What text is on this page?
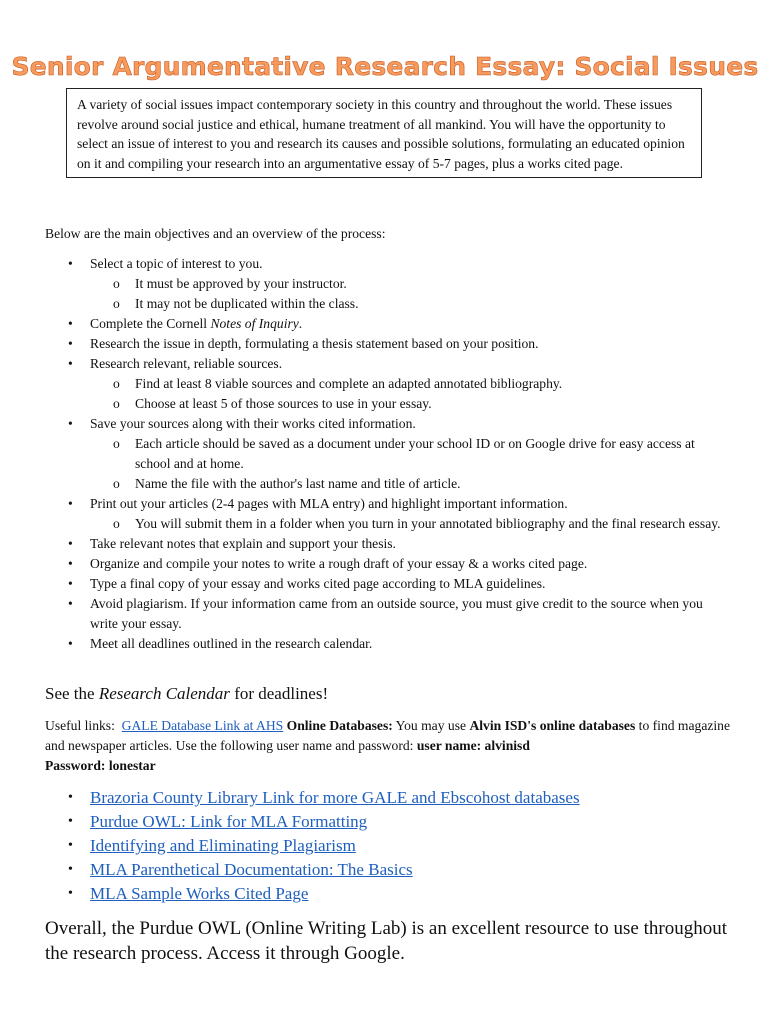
Senior Argumentative Research Essay: Social Issues
A variety of social issues impact contemporary society in this country and throughout the world. These issues revolve around social justice and ethical, humane treatment of all mankind. You will have the opportunity to select an issue of interest to you and research its causes and possible solutions, formulating an educated opinion on it and compiling your research into an argumentative essay of 5-7 pages, plus a works cited page.
Below are the main objectives and an overview of the process:
• Select a topic of interest to you.
o It must be approved by your instructor.
o It may not be duplicated within the class.
• Complete the Cornell Notes of Inquiry.
• Research the issue in depth, formulating a thesis statement based on your position.
• Research relevant, reliable sources.
o Find at least 8 viable sources and complete an adapted annotated bibliography.
o Choose at least 5 of those sources to use in your essay.
• Save your sources along with their works cited information.
o Each article should be saved as a document under your school ID or on Google drive for easy access at school and at home.
o Name the file with the author's last name and title of article.
• Print out your articles (2-4 pages with MLA entry) and highlight important information.
o You will submit them in a folder when you turn in your annotated bibliography and the final research essay.
• Take relevant notes that explain and support your thesis.
• Organize and compile your notes to write a rough draft of your essay & a works cited page.
• Type a final copy of your essay and works cited page according to MLA guidelines.
• Avoid plagiarism. If your information came from an outside source, you must give credit to the source when you write your essay.
• Meet all deadlines outlined in the research calendar.
See the Research Calendar for deadlines!
Useful links: GALE Database Link at AHS Online Databases: You may use Alvin ISD's online databases to find magazine and newspaper articles. Use the following user name and password: user name: alvinisd
Password: lonestar
• Brazoria County Library Link for more GALE and Ebscohost databases
• Purdue OWL: Link for MLA Formatting
• Identifying and Eliminating Plagiarism
• MLA Parenthetical Documentation: The Basics
• MLA Sample Works Cited Page
Overall, the Purdue OWL (Online Writing Lab) is an excellent resource to use throughout the research process. Access it through Google.
